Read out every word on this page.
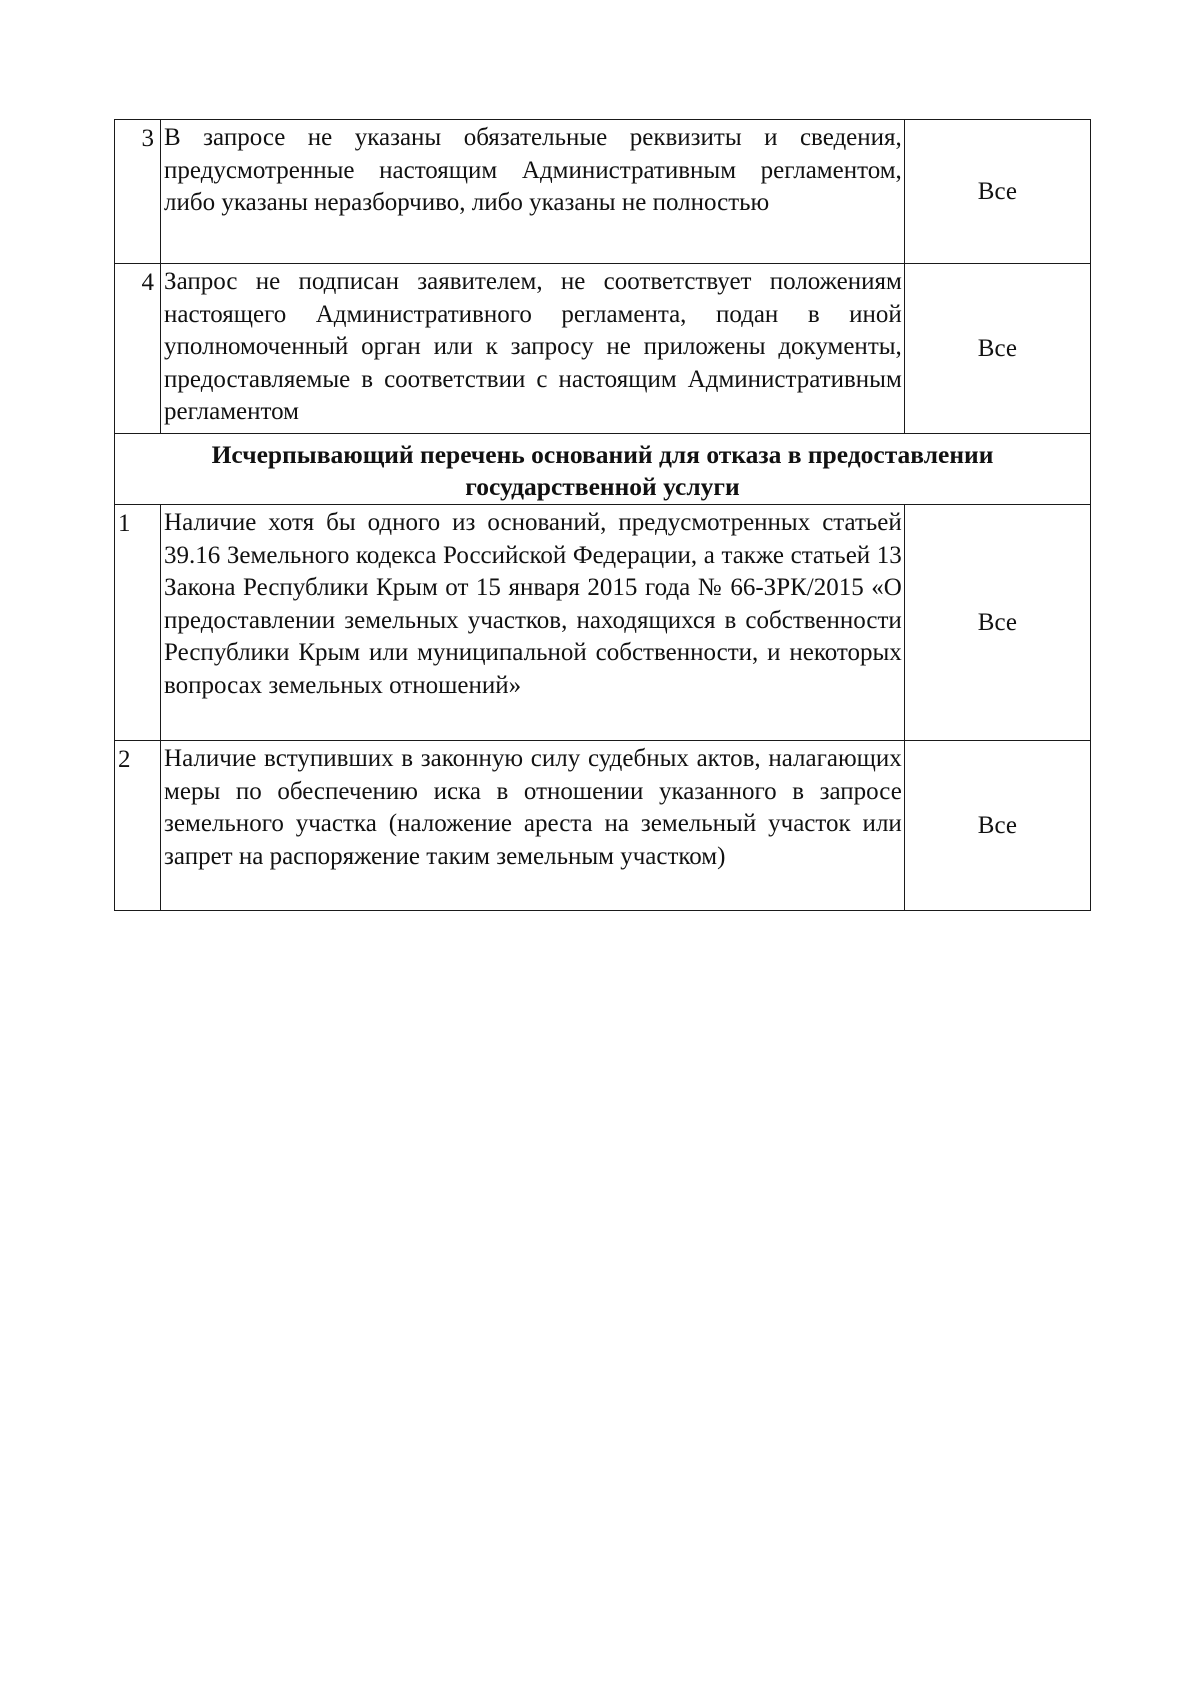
3	В запросе не указаны обязательные реквизиты и сведения, предусмотренные настоящим Административным регламентом, либо указаны неразборчиво, либо указаны не полностью	Все
4	Запрос не подписан заявителем, не соответствует положениям настоящего Административного регламента, подан в иной уполномоченный орган или к запросу не приложены документы, предоставляемые в соответствии с настоящим Административным регламентом	Все
Исчерпывающий перечень оснований для отказа в предоставлении государственной услуги		
1	Наличие хотя бы одного из оснований, предусмотренных статьей 39.16 Земельного кодекса Российской Федерации, а также статьей 13 Закона Республики Крым от 15 января 2015 года № 66-ЗРК/2015 «О предоставлении земельных участков, находящихся в собственности Республики Крым или муниципальной собственности, и некоторых вопросах земельных отношений»	Все
2	Наличие вступивших в законную силу судебных актов, налагающих меры по обеспечению иска в отношении указанного в запросе земельного участка (наложение ареста на земельный участок или запрет на распоряжение таким земельным участком)	Все
